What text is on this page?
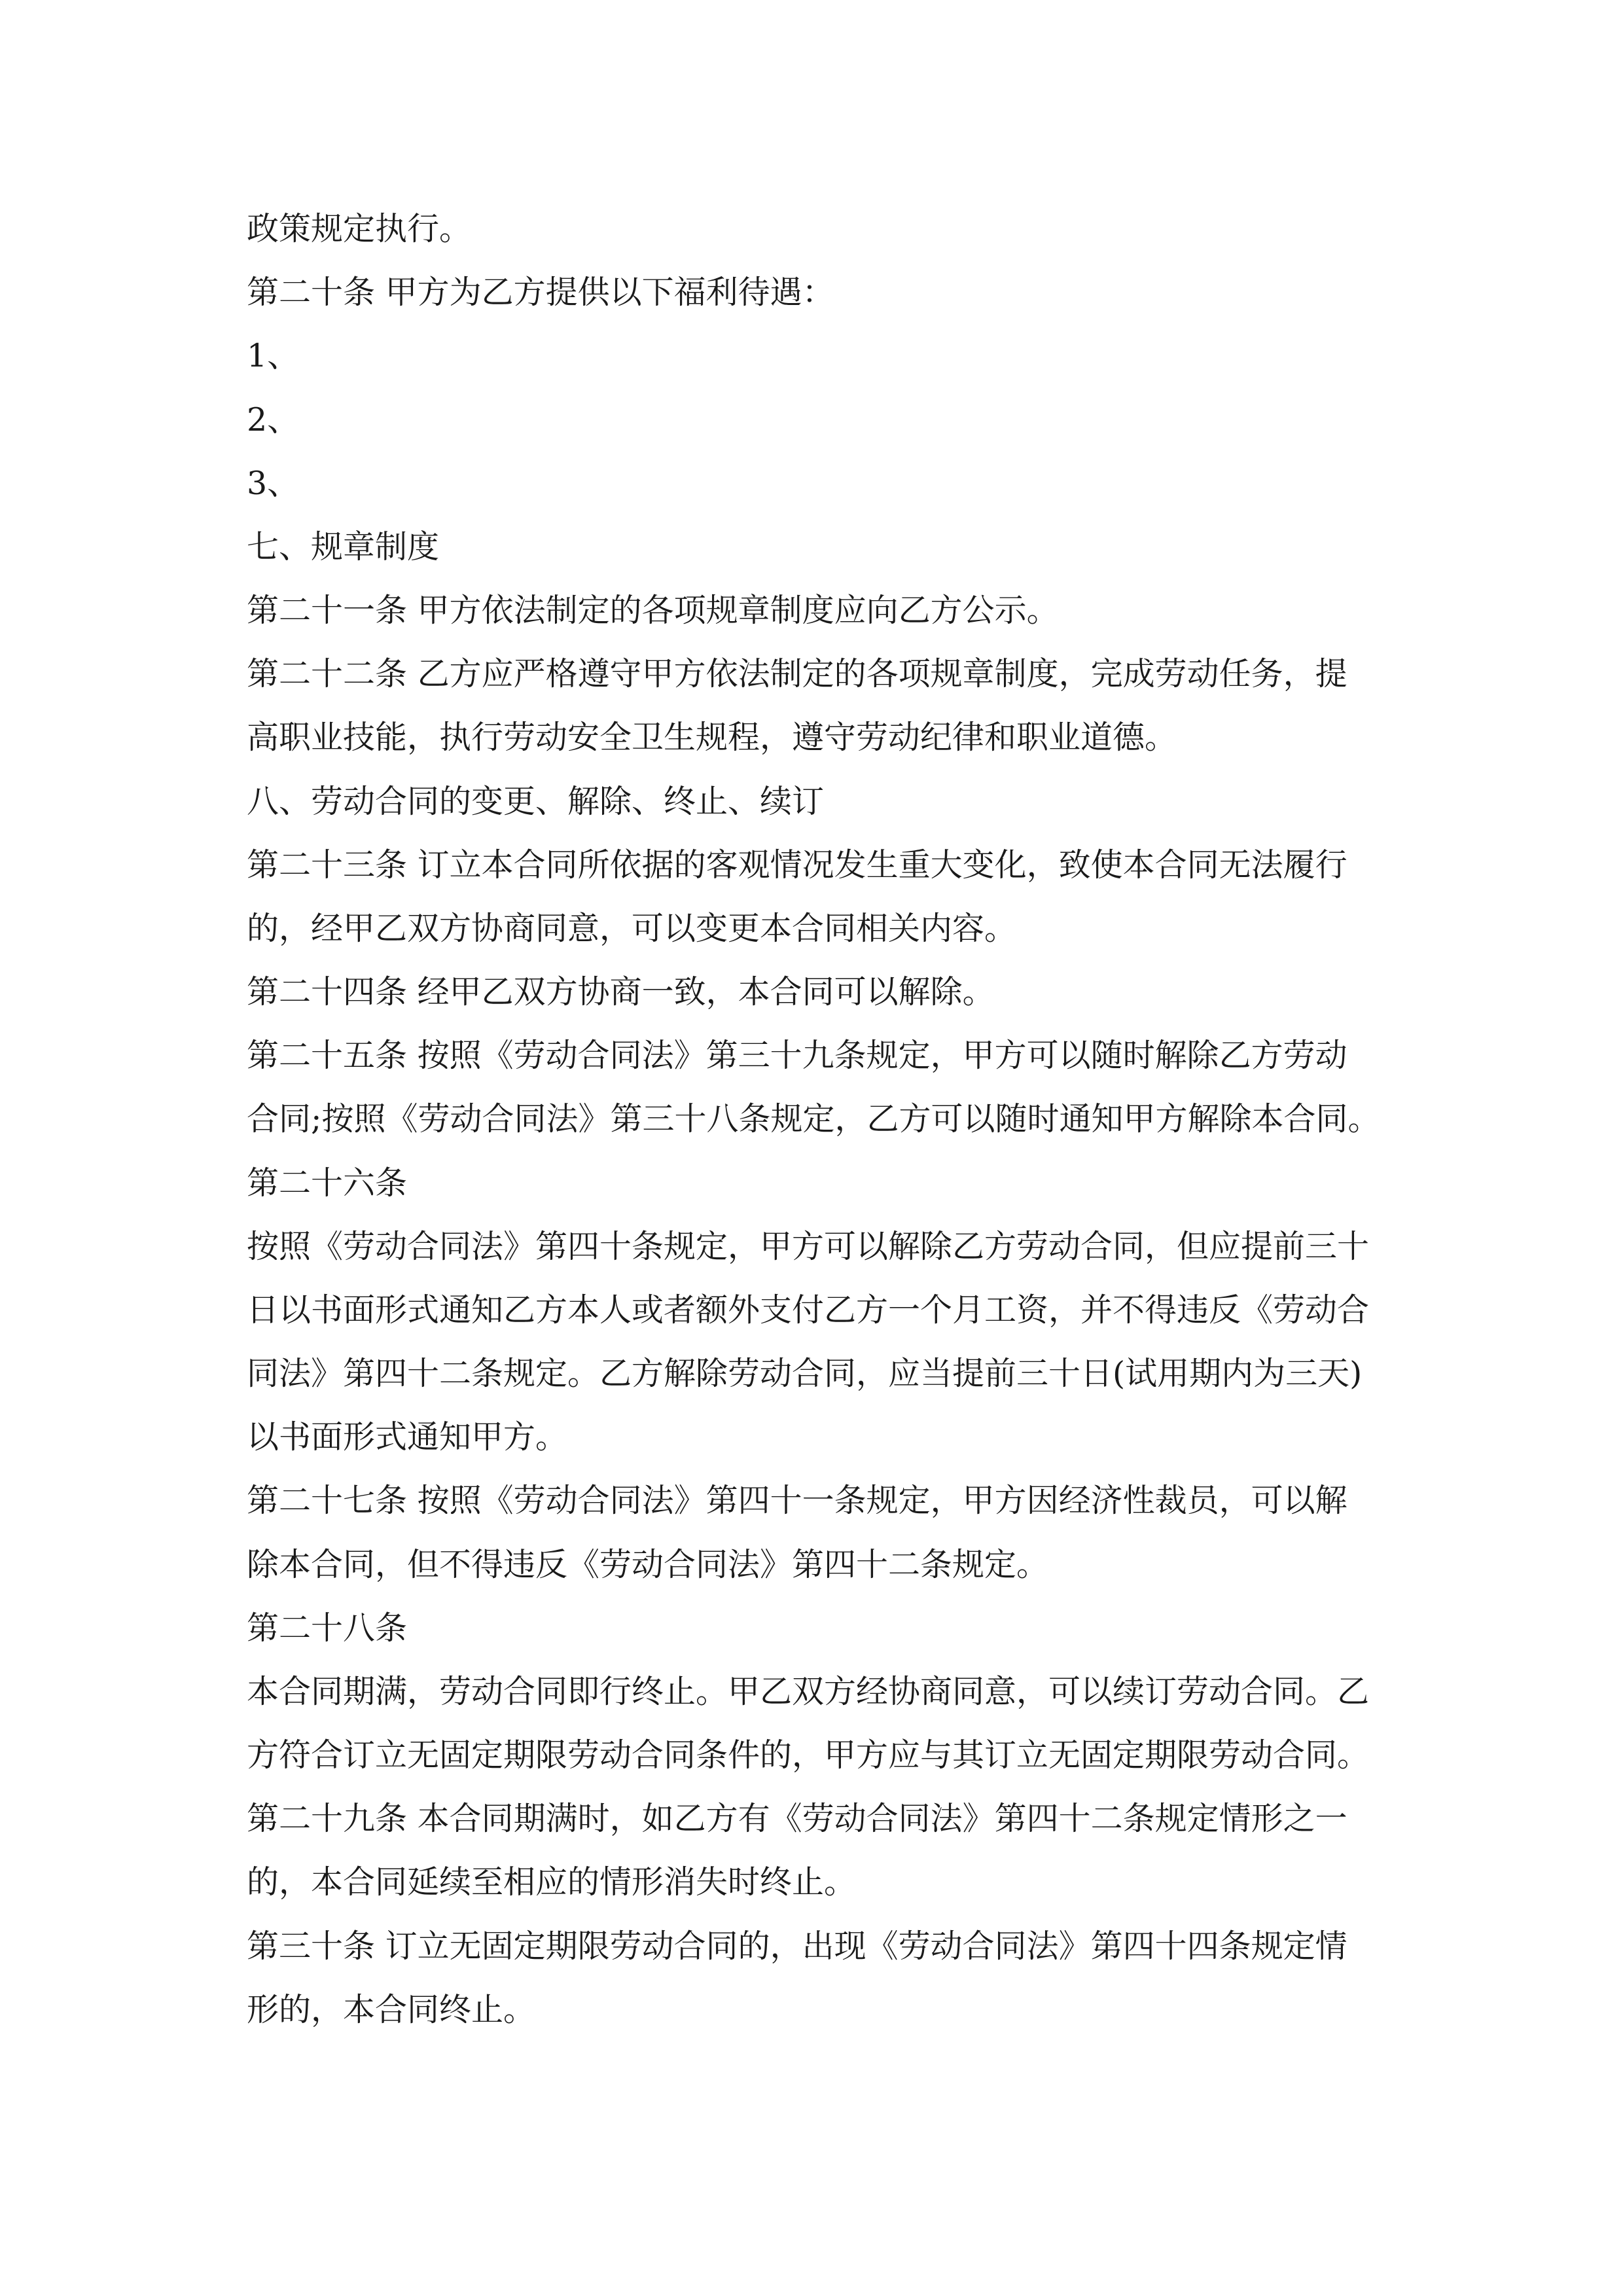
政策规定执行。

第二十条 甲方为乙方提供以下福利待遇：

1、

2、

3、

七、规章制度

第二十一条 甲方依法制定的各项规章制度应向乙方公示。

第二十二条 乙方应严格遵守甲方依法制定的各项规章制度，完成劳动任务，提

高职业技能，执行劳动安全卫生规程，遵守劳动纪律和职业道德。

八、劳动合同的变更、解除、终止、续订

第二十三条 订立本合同所依据的客观情况发生重大变化，致使本合同无法履行

的，经甲乙双方协商同意，可以变更本合同相关内容。

第二十四条 经甲乙双方协商一致，本合同可以解除。

第二十五条 按照《劳动合同法》第三十九条规定，甲方可以随时解除乙方劳动

合同;按照《劳动合同法》第三十八条规定，乙方可以随时通知甲方解除本合同。

第二十六条

按照《劳动合同法》第四十条规定，甲方可以解除乙方劳动合同，但应提前三十

日以书面形式通知乙方本人或者额外支付乙方一个月工资，并不得违反《劳动合

同法》第四十二条规定。乙方解除劳动合同，应当提前三十日(试用期内为三天)

以书面形式通知甲方。

第二十七条 按照《劳动合同法》第四十一条规定，甲方因经济性裁员，可以解

除本合同，但不得违反《劳动合同法》第四十二条规定。

第二十八条

本合同期满，劳动合同即行终止。甲乙双方经协商同意，可以续订劳动合同。乙

方符合订立无固定期限劳动合同条件的，甲方应与其订立无固定期限劳动合同。

第二十九条 本合同期满时，如乙方有《劳动合同法》第四十二条规定情形之一

的，本合同延续至相应的情形消失时终止。

第三十条 订立无固定期限劳动合同的，出现《劳动合同法》第四十四条规定情

形的，本合同终止。
